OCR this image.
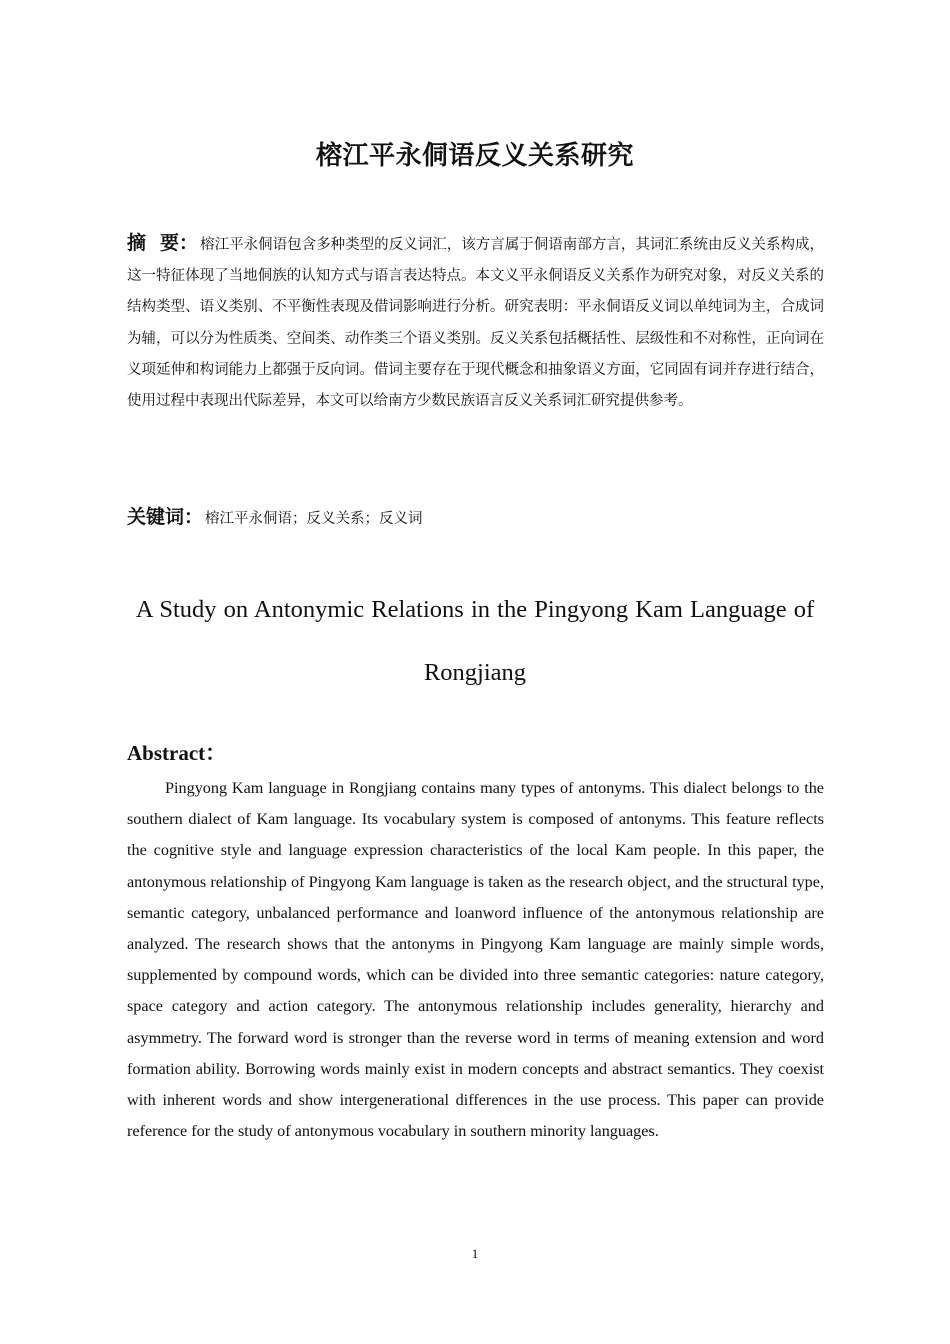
榕江平永侗语反义关系研究
摘 要： 榕江平永侗语包含多种类型的反义词汇，该方言属于侗语南部方言，其词汇系统由反义关系构成，这一特征体现了当地侗族的认知方式与语言表达特点。本文义平永侗语反义关系作为研究对象，对反义关系的结构类型、语义类别、不平衡性表现及借词影响进行分析。研究表明：平永侗语反义词以单纯词为主，合成词为辅，可以分为性质类、空间类、动作类三个语义类别。反义关系包括概括性、层级性和不对称性，正向词在义项延伸和构词能力上都强于反向词。借词主要存在于现代概念和抽象语义方面，它同固有词并存进行结合，使用过程中表现出代际差异，本文可以给南方少数民族语言反义关系词汇研究提供参考。
关键词： 榕江平永侗语；反义关系；反义词
A Study on Antonymic Relations in the Pingyong Kam Language of Rongjiang
Abstract：

Pingyong Kam language in Rongjiang contains many types of antonyms. This dialect belongs to the southern dialect of Kam language. Its vocabulary system is composed of antonyms. This feature reflects the cognitive style and language expression characteristics of the local Kam people. In this paper, the antonymous relationship of Pingyong Kam language is taken as the research object, and the structural type, semantic category, unbalanced performance and loanword influence of the antonymous relationship are analyzed. The research shows that the antonyms in Pingyong Kam language are mainly simple words, supplemented by compound words, which can be divided into three semantic categories: nature category, space category and action category. The antonymous relationship includes generality, hierarchy and asymmetry. The forward word is stronger than the reverse word in terms of meaning extension and word formation ability. Borrowing words mainly exist in modern concepts and abstract semantics. They coexist with inherent words and show intergenerational differences in the use process. This paper can provide reference for the study of antonymous vocabulary in southern minority languages.

1
